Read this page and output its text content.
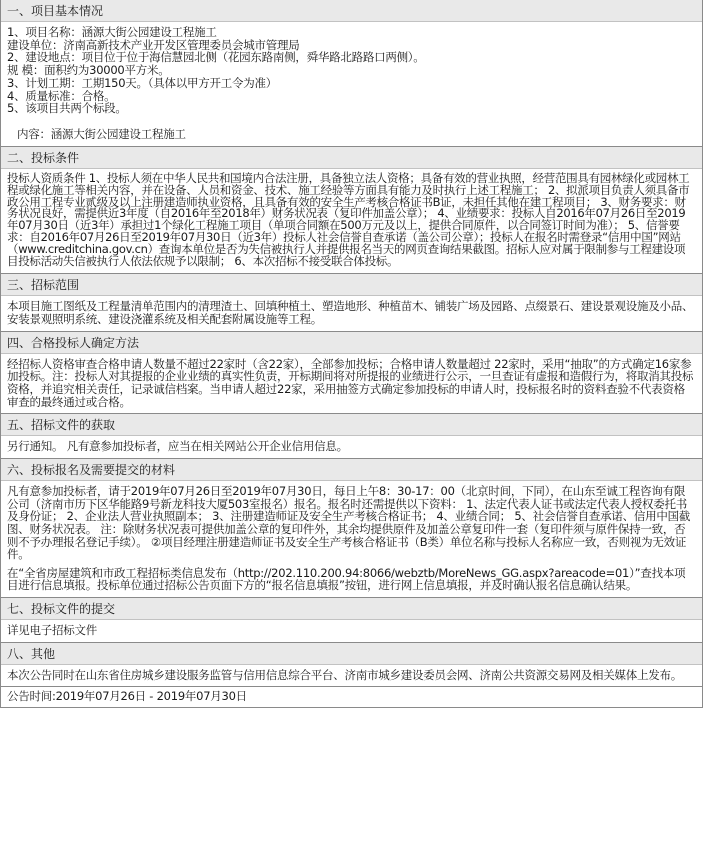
一、项目基本情况

1、项目名称：涵源大街公园建设工程施工

建设单位：济南高新技术产业开发区管理委员会城市管理局

2、建设地点：项目位于位于海信慧园北侧（花园东路南侧，舜华路北路路口两侧）。

规 模：面积约为30000平方米。

3、计划工期：工期150天。（具体以甲方开工令为准）

4、质量标准：合格。

5、该项目共两个标段。

内容：涵源大街公园建设工程施工

二、投标条件

投标人资质条件 1、投标人须在中华人民共和国境内合法注册，具备独立法人资格；具备有效的营业执照，经营范围具有园林绿化或园林工程或绿化施工等相关内容，并在设备、人员和资金、技术、施工经验等方面具有能力及时执行上述工程施工； 2、拟派项目负责人须具备市政公用工程专业贰级及以上注册建造师执业资格，且具备有效的安全生产考核合格证书B证，未担任其他在建工程项目； 3、财务要求：财务状况良好，需提供近3年度（自2016年至2018年）财务状况表（复印件加盖公章）； 4、业绩要求：投标人自2016年07月26日至2019年07月30日（近3年）承担过1个绿化工程施工项目（单项合同额在500万元及以上，提供合同原件，以合同签订时间为准）； 5、信誉要求：自2016年07月26日至2019年07月30日（近3年）投标人社会信誉自查承诺（盖公司公章）；投标人在报名时需登录“信用中国”网站（www.creditchina.gov.cn）查询本单位是否为失信被执行人并提供报名当天的网页查询结果截图。招标人应对属于限制参与工程建设项目投标活动失信被执行人依法依规予以限制； 6、本次招标不接受联合体投标。

三、招标范围

本项目施工图纸及工程量清单范围内的清理渣土、回填种植土、塑造地形、种植苗木、铺装广场及园路、点缀景石、建设景观设施及小品、安装景观照明系统、建设浇灌系统及相关配套附属设施等工程。

四、合格投标人确定方法

经招标人资格审查合格申请人数量不超过22家时（含22家），全部参加投标；合格申请人数量超过 22家时，采用“抽取”的方式确定16家参加投标。注：投标人对其提报的企业业绩的真实性负责，开标期间将对所提报的业绩进行公示，一旦查证有虚报和造假行为，将取消其投标资格，并追究相关责任，记录诚信档案。当申请人超过22家，采用抽签方式确定参加投标的申请人时，投标报名时的资料查验不代表资格审查的最终通过或合格。

五、招标文件的获取

另行通知。 凡有意参加投标者，应当在相关网站公开企业信用信息。

六、投标报名及需要提交的材料

凡有意参加投标者，请于2019年07月26日至2019年07月30日，每日上午8：30-17：00（北京时间，下同），在山东至诚工程咨询有限公司（济南市历下区华能路9号新龙科技大厦503室报名）报名。报名时还需提供以下资料： 1、法定代表人证书或法定代表人授权委托书及身份证； 2、企业法人营业执照副本； 3、注册建造师证及安全生产考核合格证书； 4、业绩合同； 5、社会信誉自查承诺、信用中国截图、财务状况表。 注：除财务状况表可提供加盖公章的复印件外，其余均提供原件及加盖公章复印件一套（复印件须与原件保持一致，否则不予办理报名登记手续）。 ②项目经理注册建造师证书及安全生产考核合格证书（B类）单位名称与投标人名称应一致，否则视为无效证件。

在“全省房屋建筑和市政工程招标类信息发布（http://202.110.200.94:8066/webztb/MoreNews_GG.aspx?areacode=01）”查找本项目进行信息填报。投标单位通过招标公告页面下方的“报名信息填报”按钮，进行网上信息填报，并及时确认报名信息确认结果。

七、投标文件的提交

详见电子招标文件

八、其他

本次公告同时在山东省住房城乡建设服务监管与信用信息综合平台、济南市城乡建设委员会网、济南公共资源交易网及相关媒体上发布。

公告时间:2019年07月26日 - 2019年07月30日
